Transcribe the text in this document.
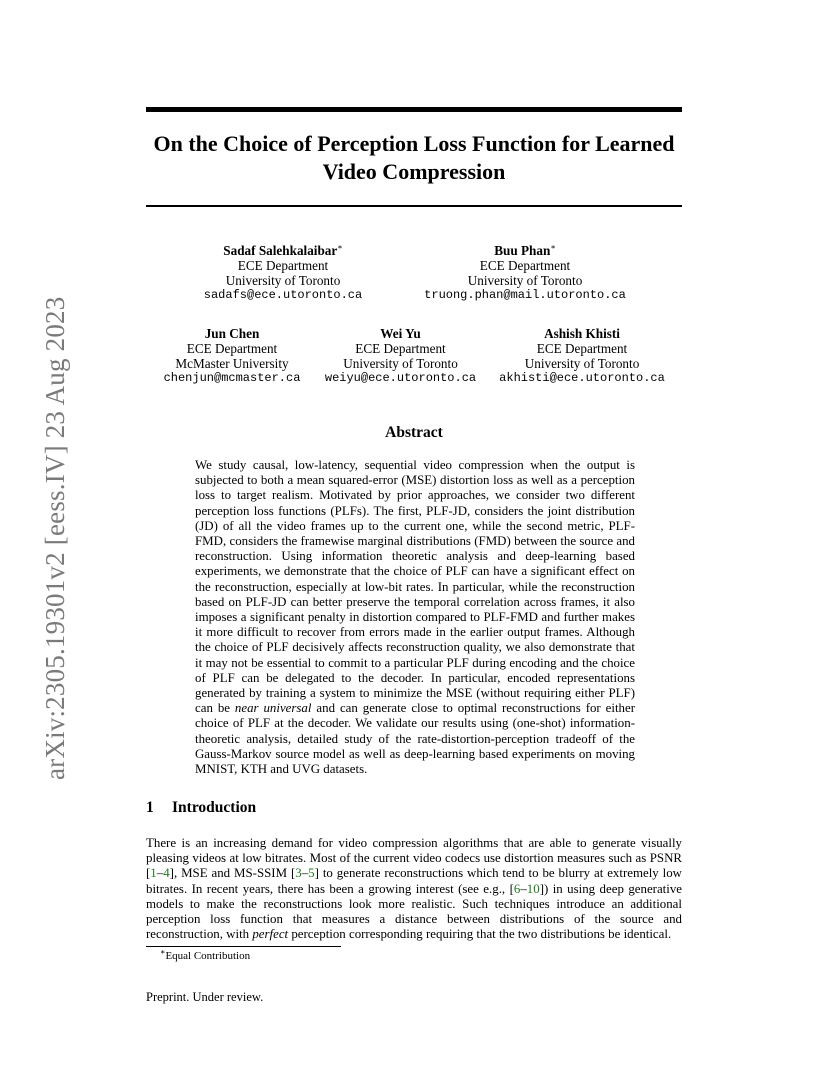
arXiv:2305.19301v2 [eess.IV] 23 Aug 2023
On the Choice of Perception Loss Function for Learned Video Compression
Sadaf Salehkalaibar∗
ECE Department
University of Toronto
sadafs@ece.utoronto.ca
Buu Phan∗
ECE Department
University of Toronto
truong.phan@mail.utoronto.ca
Jun Chen
ECE Department
McMaster University
chenjun@mcmaster.ca
Wei Yu
ECE Department
University of Toronto
weiyu@ece.utoronto.ca
Ashish Khisti
ECE Department
University of Toronto
akhisti@ece.utoronto.ca
Abstract
We study causal, low-latency, sequential video compression when the output is subjected to both a mean squared-error (MSE) distortion loss as well as a perception loss to target realism. Motivated by prior approaches, we consider two different perception loss functions (PLFs). The first, PLF-JD, considers the joint distribution (JD) of all the video frames up to the current one, while the second metric, PLF-FMD, considers the framewise marginal distributions (FMD) between the source and reconstruction. Using information theoretic analysis and deep-learning based experiments, we demonstrate that the choice of PLF can have a significant effect on the reconstruction, especially at low-bit rates. In particular, while the reconstruction based on PLF-JD can better preserve the temporal correlation across frames, it also imposes a significant penalty in distortion compared to PLF-FMD and further makes it more difficult to recover from errors made in the earlier output frames. Although the choice of PLF decisively affects reconstruction quality, we also demonstrate that it may not be essential to commit to a particular PLF during encoding and the choice of PLF can be delegated to the decoder. In particular, encoded representations generated by training a system to minimize the MSE (without requiring either PLF) can be near universal and can generate close to optimal reconstructions for either choice of PLF at the decoder. We validate our results using (one-shot) information-theoretic analysis, detailed study of the rate-distortion-perception tradeoff of the Gauss-Markov source model as well as deep-learning based experiments on moving MNIST, KTH and UVG datasets.
1 Introduction
There is an increasing demand for video compression algorithms that are able to generate visually pleasing videos at low bitrates. Most of the current video codecs use distortion measures such as PSNR [1–4], MSE and MS-SSIM [3–5] to generate reconstructions which tend to be blurry at extremely low bitrates. In recent years, there has been a growing interest (see e.g., [6–10]) in using deep generative models to make the reconstructions look more realistic. Such techniques introduce an additional perception loss function that measures a distance between distributions of the source and reconstruction, with perfect perception corresponding requiring that the two distributions be identical.
∗Equal Contribution
Preprint. Under review.
